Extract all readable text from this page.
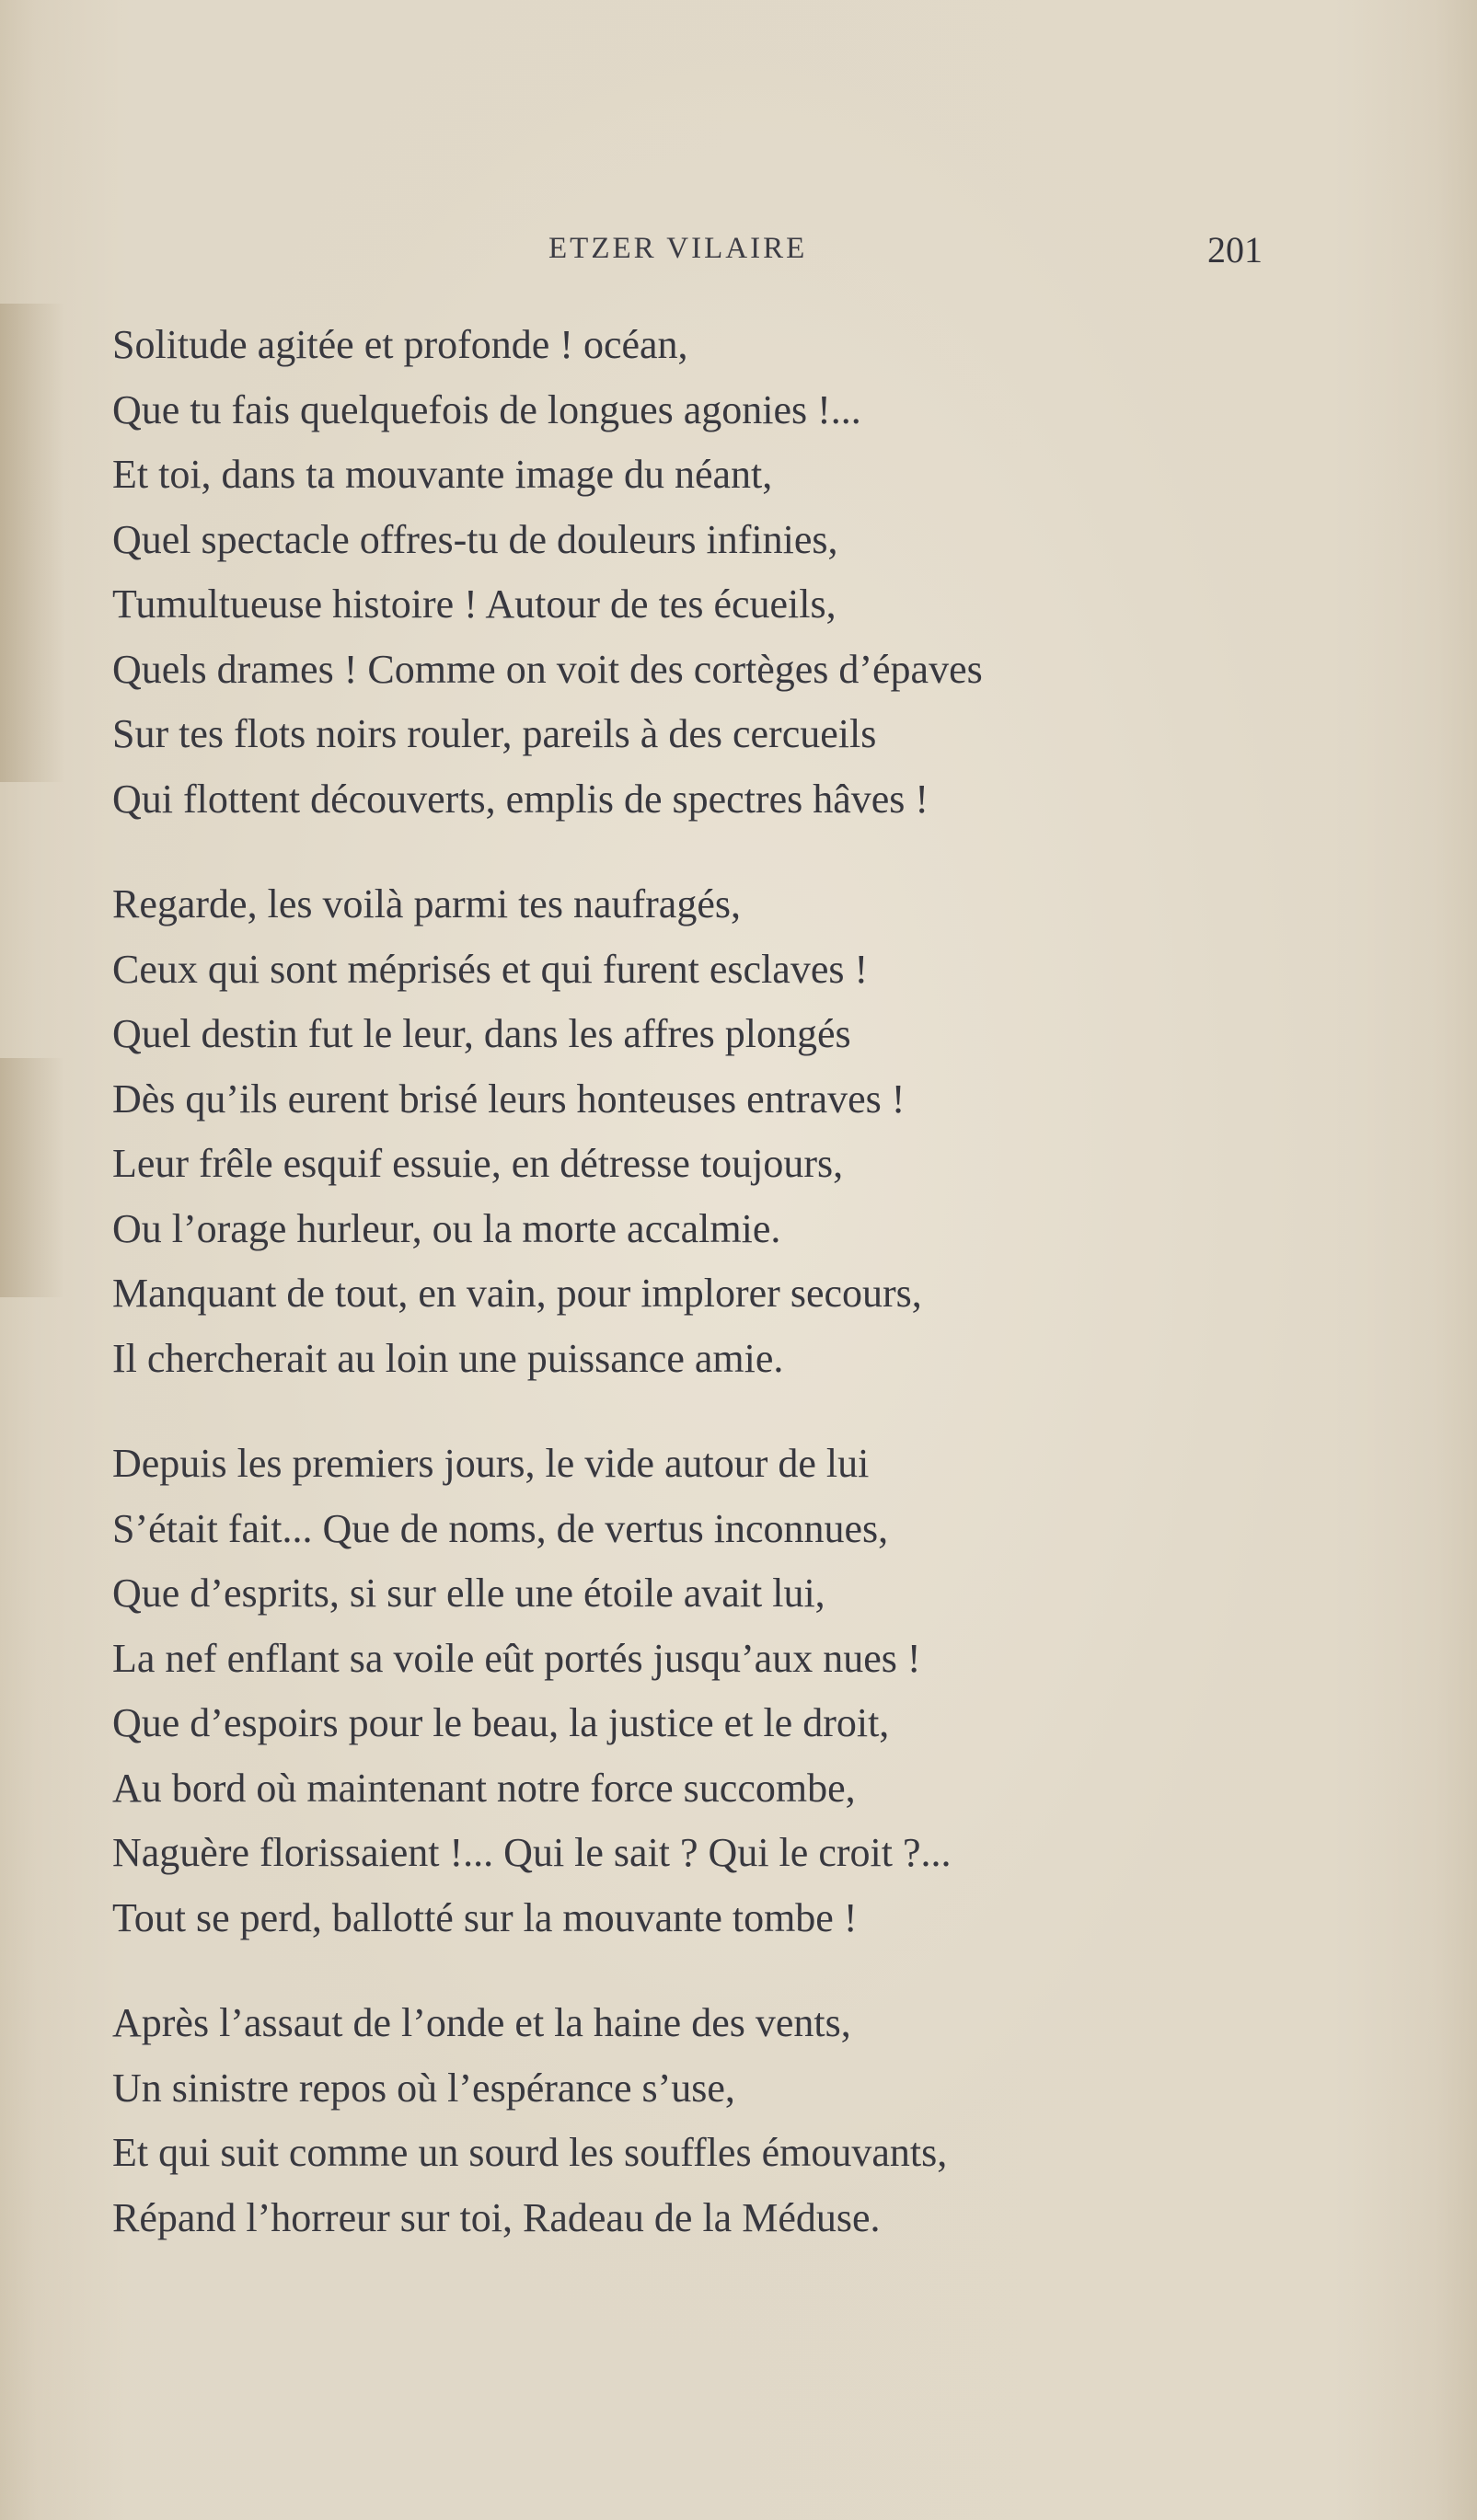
ETZER VILAIRE	201
Solitude agitée et profonde ! océan,
Que tu fais quelquefois de longues agonies !...
Et toi, dans ta mouvante image du néant,
Quel spectacle offres-tu de douleurs infinies,
Tumultueuse histoire ! Autour de tes écueils,
Quels drames ! Comme on voit des cortèges d’épaves
Sur tes flots noirs rouler, pareils à des cercueils
Qui flottent découverts, emplis de spectres hâves !
Regarde, les voilà parmi tes naufragés,
Ceux qui sont méprisés et qui furent esclaves !
Quel destin fut le leur, dans les affres plongés
Dès qu’ils eurent brisé leurs honteuses entraves !
Leur frêle esquif essuie, en détresse toujours,
Ou l’orage hurleur, ou la morte accalmie.
Manquant de tout, en vain, pour implorer secours,
Il chercherait au loin une puissance amie.
Depuis les premiers jours, le vide autour de lui
S’était fait... Que de noms, de vertus inconnues,
Que d’esprits, si sur elle une étoile avait lui,
La nef enflant sa voile eût portés jusqu’aux nues !
Que d’espoirs pour le beau, la justice et le droit,
Au bord où maintenant notre force succombe,
Naguère florissaient !... Qui le sait ? Qui le croit ?...
Tout se perd, ballotté sur la mouvante tombe !
Après l’assaut de l’onde et la haine des vents,
Un sinistre repos où l’espérance s’use,
Et qui suit comme un sourd les souffles émouvants,
Répand l’horreur sur toi, Radeau de la Méduse.
